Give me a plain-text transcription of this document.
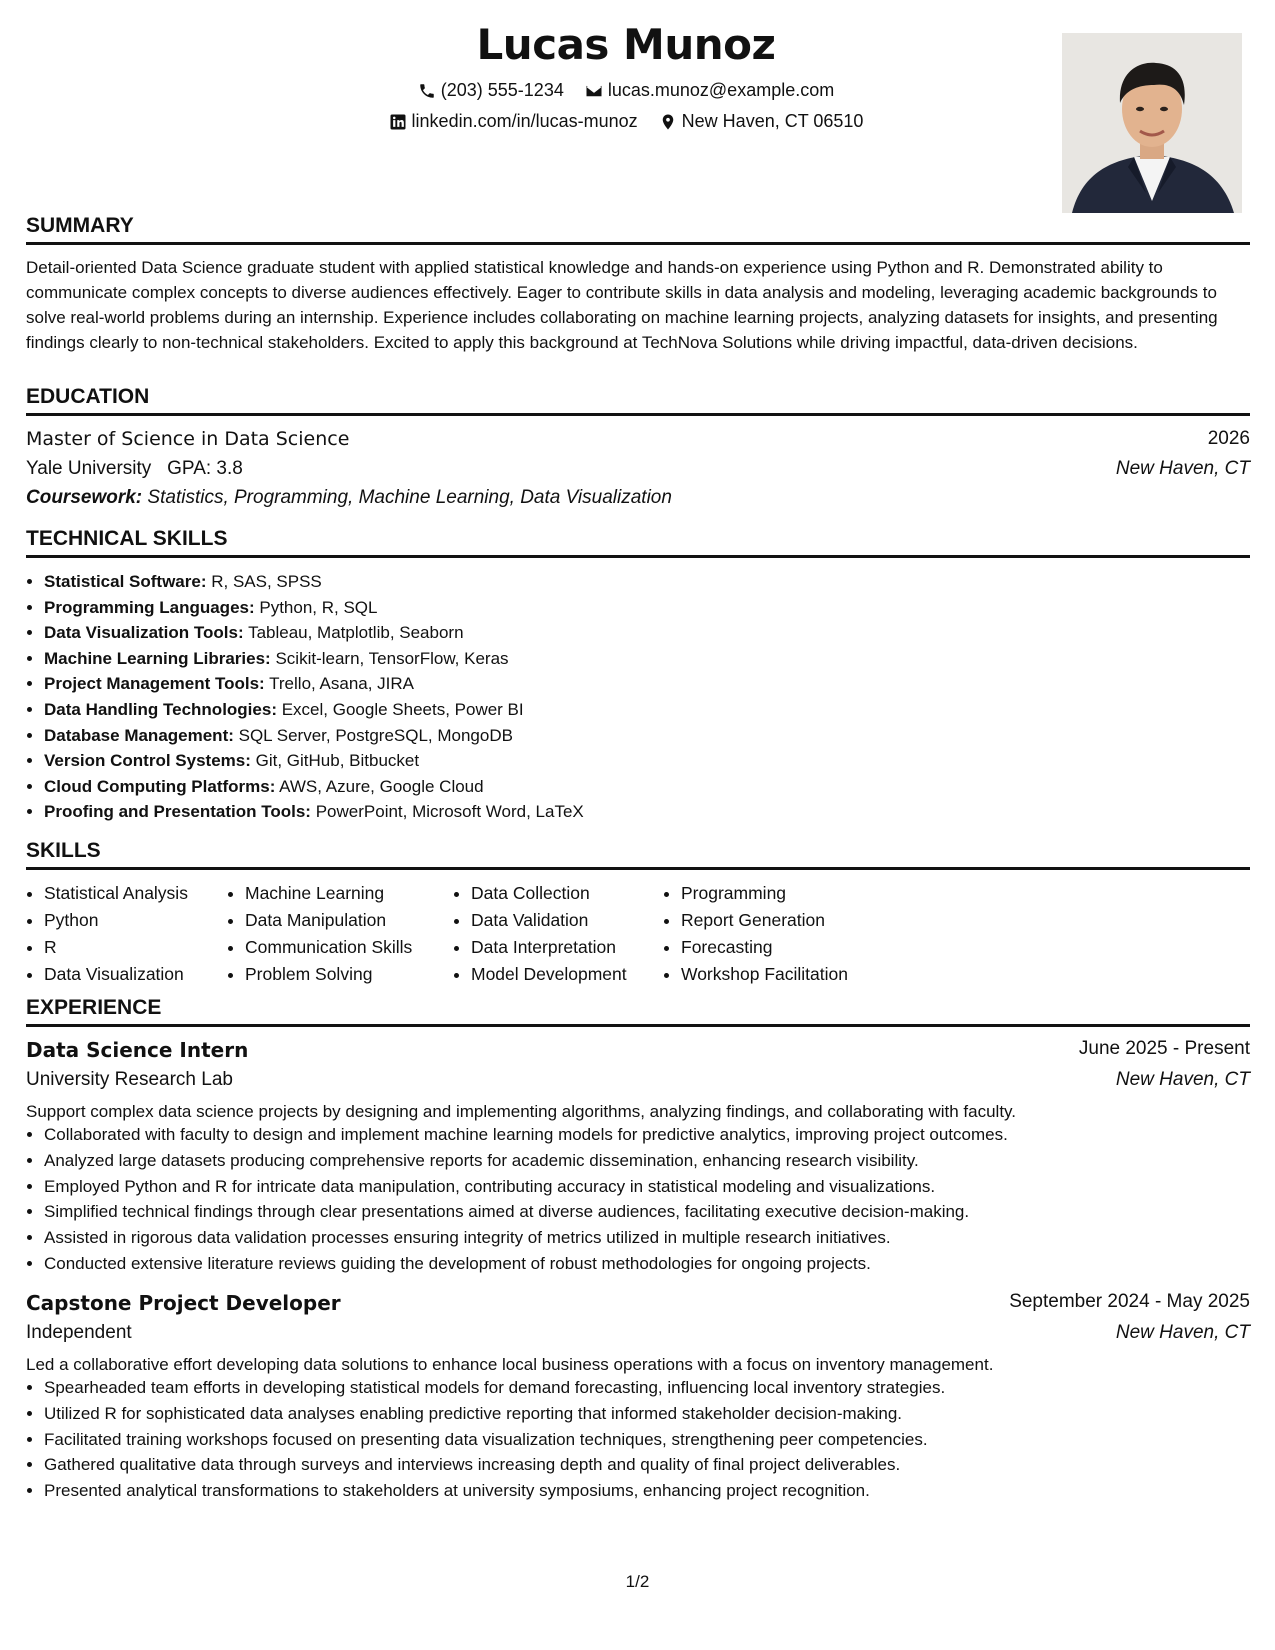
Lucas Munoz
(203) 555-1234
lucas.munoz@example.com
linkedin.com/in/lucas-munoz
New Haven, CT 06510
SUMMARY
Detail-oriented Data Science graduate student with applied statistical knowledge and hands-on experience using Python and R. Demonstrated ability to communicate complex concepts to diverse audiences effectively. Eager to contribute skills in data analysis and modeling, leveraging academic backgrounds to solve real-world problems during an internship. Experience includes collaborating on machine learning projects, analyzing datasets for insights, and presenting findings clearly to non-technical stakeholders. Excited to apply this background at TechNova Solutions while driving impactful, data-driven decisions.
EDUCATION
Master of Science in Data Science	2026
Yale University GPA: 3.8	New Haven, CT
Coursework: Statistics, Programming, Machine Learning, Data Visualization
TECHNICAL SKILLS
• Statistical Software: R, SAS, SPSS
• Programming Languages: Python, R, SQL
• Data Visualization Tools: Tableau, Matplotlib, Seaborn
• Machine Learning Libraries: Scikit-learn, TensorFlow, Keras
• Project Management Tools: Trello, Asana, JIRA
• Data Handling Technologies: Excel, Google Sheets, Power BI
• Database Management: SQL Server, PostgreSQL, MongoDB
• Version Control Systems: Git, GitHub, Bitbucket
• Cloud Computing Platforms: AWS, Azure, Google Cloud
• Proofing and Presentation Tools: PowerPoint, Microsoft Word, LaTeX
SKILLS
• Statistical Analysis
• Python
• R
• Data Visualization
• Machine Learning
• Data Manipulation
• Communication Skills
• Problem Solving
• Data Collection
• Data Validation
• Data Interpretation
• Model Development
• Programming
• Report Generation
• Forecasting
• Workshop Facilitation
EXPERIENCE
Data Science Intern	June 2025 - Present
University Research Lab	New Haven, CT
Support complex data science projects by designing and implementing algorithms, analyzing findings, and collaborating with faculty.
• Collaborated with faculty to design and implement machine learning models for predictive analytics, improving project outcomes.
• Analyzed large datasets producing comprehensive reports for academic dissemination, enhancing research visibility.
• Employed Python and R for intricate data manipulation, contributing accuracy in statistical modeling and visualizations.
• Simplified technical findings through clear presentations aimed at diverse audiences, facilitating executive decision-making.
• Assisted in rigorous data validation processes ensuring integrity of metrics utilized in multiple research initiatives.
• Conducted extensive literature reviews guiding the development of robust methodologies for ongoing projects.
Capstone Project Developer	September 2024 - May 2025
Independent	New Haven, CT
Led a collaborative effort developing data solutions to enhance local business operations with a focus on inventory management.
• Spearheaded team efforts in developing statistical models for demand forecasting, influencing local inventory strategies.
• Utilized R for sophisticated data analyses enabling predictive reporting that informed stakeholder decision-making.
• Facilitated training workshops focused on presenting data visualization techniques, strengthening peer competencies.
• Gathered qualitative data through surveys and interviews increasing depth and quality of final project deliverables.
• Presented analytical transformations to stakeholders at university symposiums, enhancing project recognition.
1/2
